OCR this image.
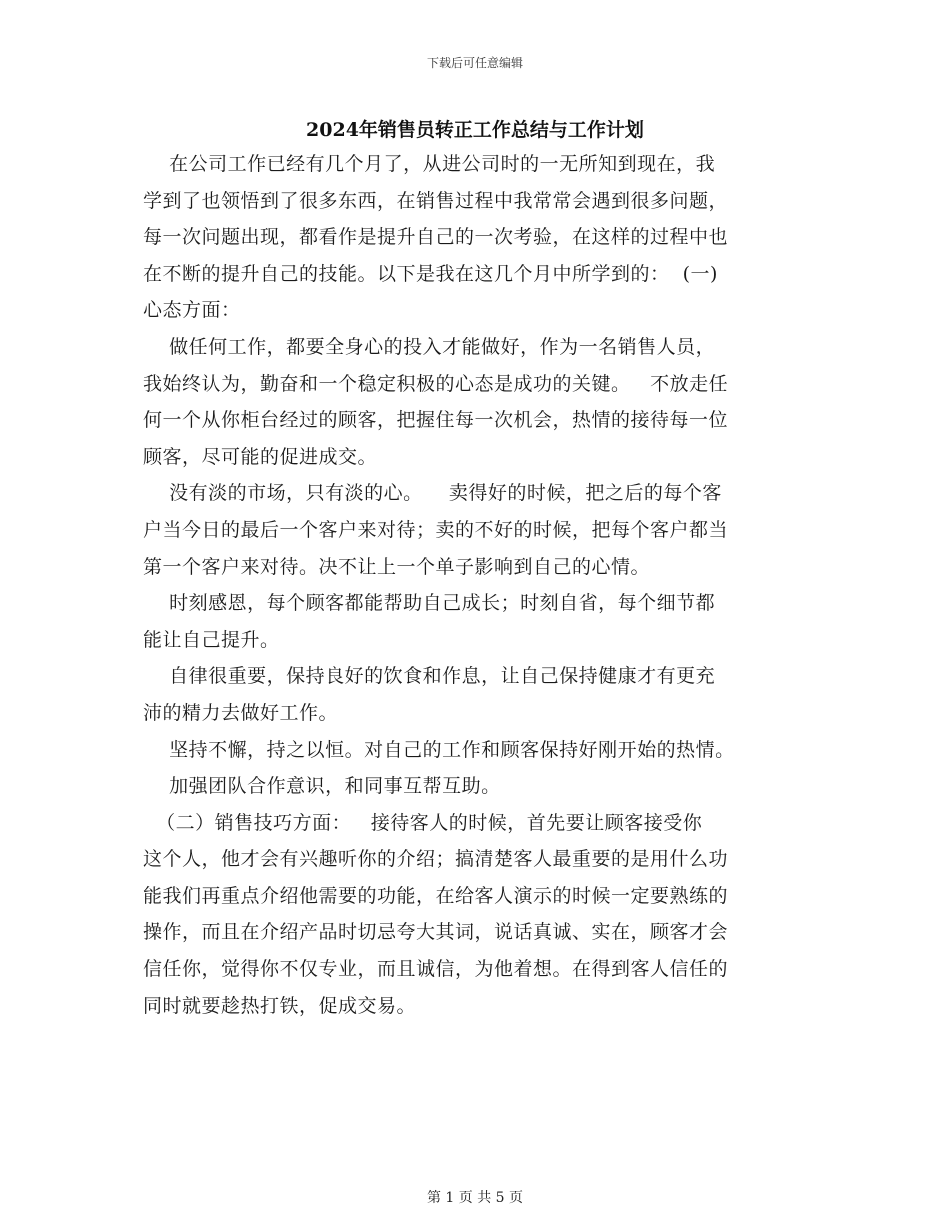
下载后可任意编辑
2024年销售员转正工作总结与工作计划
在公司工作已经有几个月了，从进公司时的一无所知到现在，我
学到了也领悟到了很多东西，在销售过程中我常常会遇到很多问题，
每一次问题出现，都看作是提升自己的一次考验，在这样的过程中也
在不断的提升自己的技能。以下是我在这几个月中所学到的：  (一)
心态方面：
做任何工作，都要全身心的投入才能做好，作为一名销售人员，
我始终认为，勤奋和一个稳定积极的心态是成功的关键。   不放走任
何一个从你柜台经过的顾客，把握住每一次机会，热情的接待每一位
顾客，尽可能的促进成交。
没有淡的市场，只有淡的心。    卖得好的时候，把之后的每个客
户当今日的最后一个客户来对待；卖的不好的时候，把每个客户都当
第一个客户来对待。决不让上一个单子影响到自己的心情。
时刻感恩，每个顾客都能帮助自己成长；时刻自省，每个细节都
能让自己提升。
自律很重要，保持良好的饮食和作息，让自己保持健康才有更充
沛的精力去做好工作。
坚持不懈，持之以恒。对自己的工作和顾客保持好刚开始的热情。
加强团队合作意识，和同事互帮互助。
（二）销售技巧方面：   接待客人的时候，首先要让顾客接受你
这个人，他才会有兴趣听你的介绍；搞清楚客人最重要的是用什么功
能我们再重点介绍他需要的功能，在给客人演示的时候一定要熟练的
操作，而且在介绍产品时切忌夸大其词，说话真诚、实在，顾客才会
信任你，觉得你不仅专业，而且诚信，为他着想。在得到客人信任的
同时就要趁热打铁，促成交易。
第 1 页 共 5 页
